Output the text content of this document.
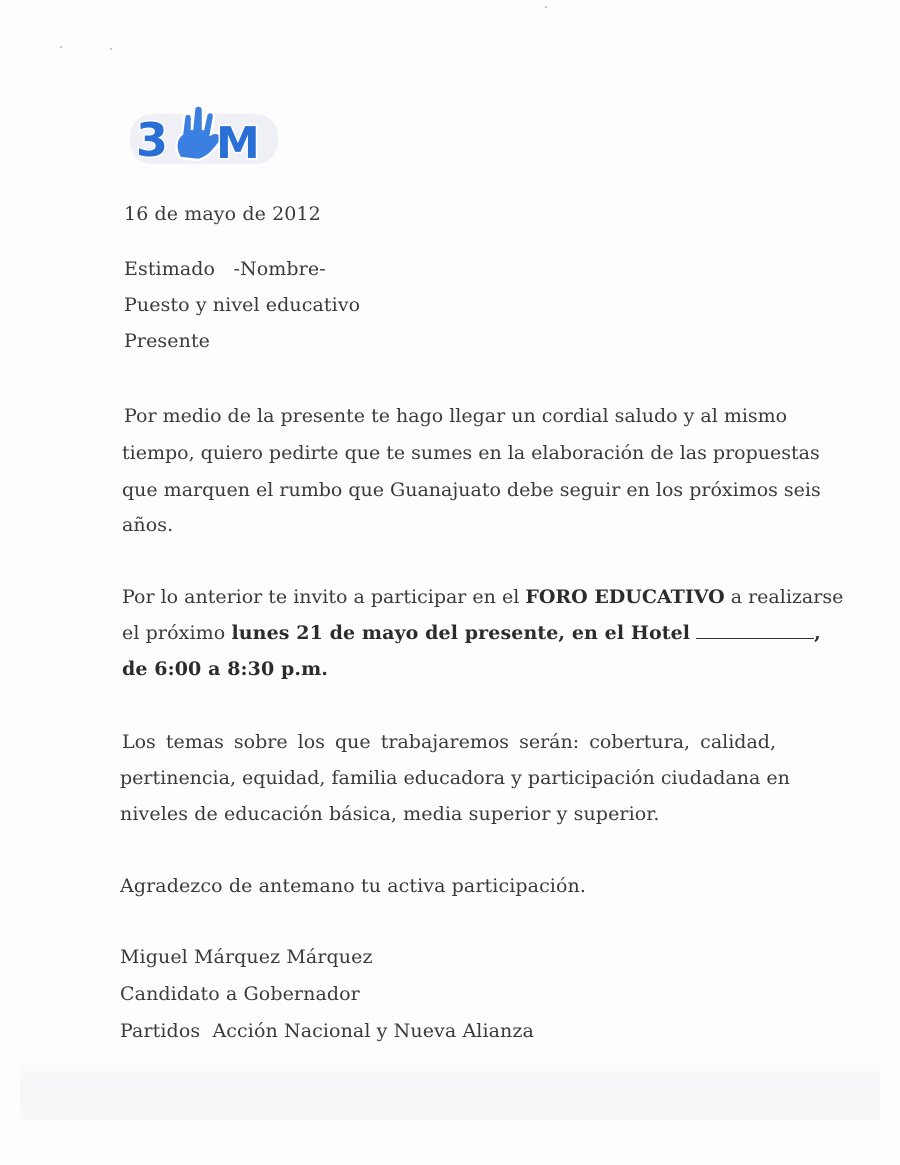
3 M
16 de mayo de 2012
Estimado -Nombre-
Puesto y nivel educativo
Presente
Por medio de la presente te hago llegar un cordial saludo y al mismo
tiempo, quiero pedirte que te sumes en la elaboración de las propuestas
que marquen el rumbo que Guanajuato debe seguir en los próximos seis
años.
Por lo anterior te invito a participar en el FORO EDUCATIVO a realizarse
el próximo lunes 21 de mayo del presente, en el Hotel	,
de 6:00 a 8:30 p.m.
Los temas sobre los que trabajaremos serán: cobertura, calidad,
pertinencia, equidad, familia educadora y participación ciudadana en
niveles de educación básica, media superior y superior.
Agradezco de antemano tu activa participación.
Miguel Márquez Márquez
Candidato a Gobernador
Partidos  Acción Nacional y Nueva Alianza
